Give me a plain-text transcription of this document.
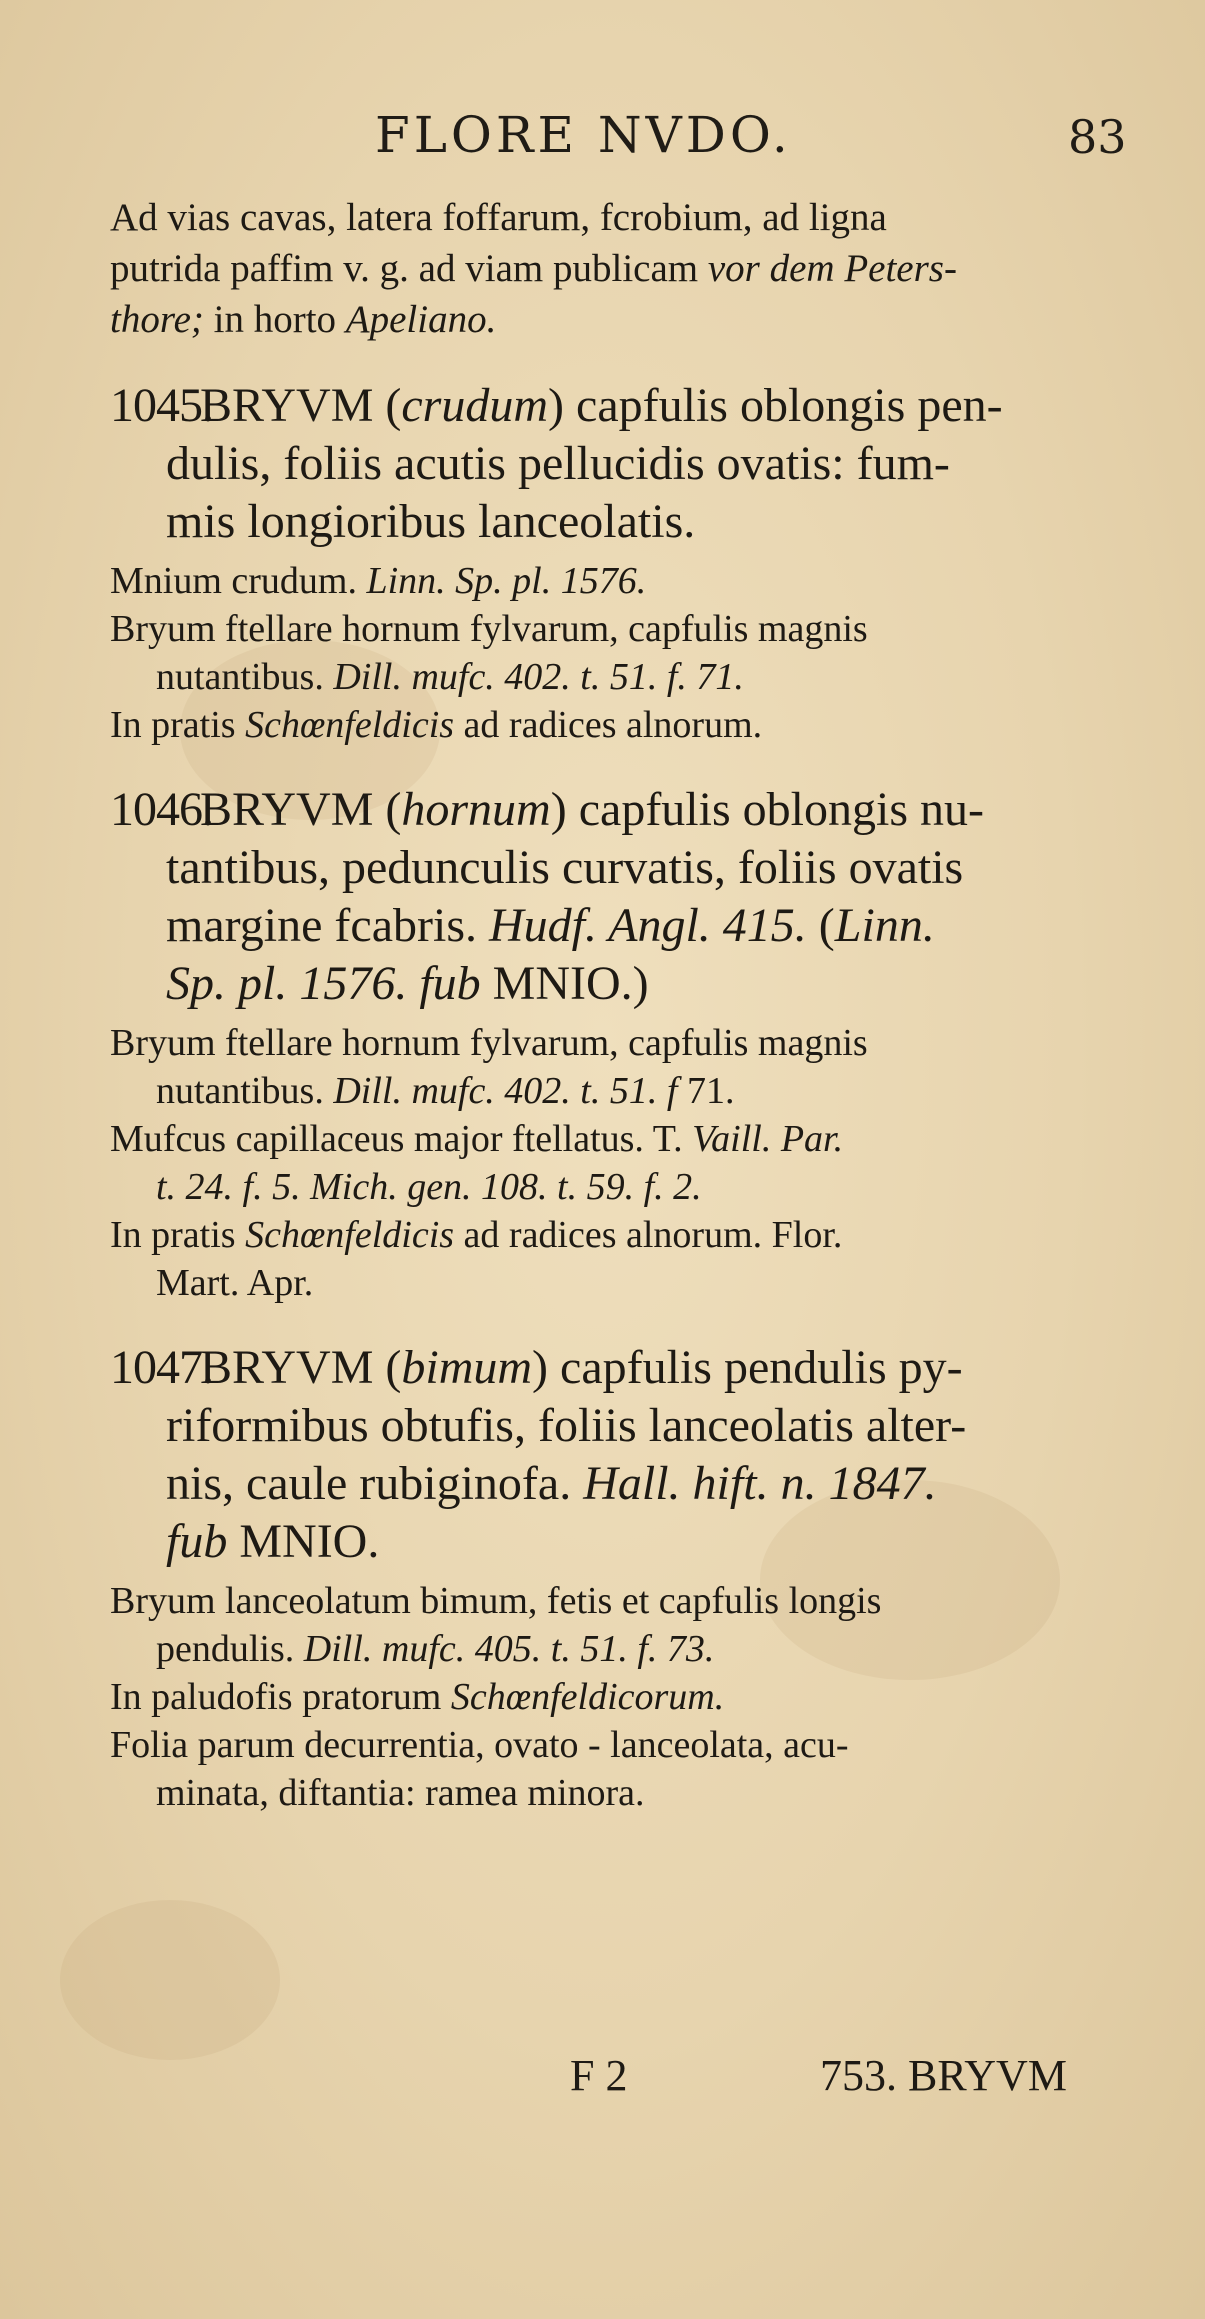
FLORE NVDO.	83
Ad vias cavas, latera foffarum, fcrobium, ad ligna
putrida paffim v. g. ad viam publicam vor dem Peters-
thore; in horto Apeliano.
1045.BRYVM (crudum) capfulis oblongis pen-
dulis, foliis acutis pellucidis ovatis: fum-
mis longioribus lanceolatis.
Mnium crudum. Linn. Sp. pl. 1576.
Bryum ftellare hornum fylvarum, capfulis magnis
nutantibus. Dill. mufc. 402. t. 51. f. 71.
In pratis Schœnfeldicis ad radices alnorum.
1046.BRYVM (hornum) capfulis oblongis nu-
tantibus, pedunculis curvatis, foliis ovatis
margine fcabris. Hudf. Angl. 415. (Linn.
Sp. pl. 1576. fub MNIO.)
Bryum ftellare hornum fylvarum, capfulis magnis
nutantibus. Dill. mufc. 402. t. 51. f 71.
Mufcus capillaceus major ftellatus. T. Vaill. Par.
t. 24. f. 5. Mich. gen. 108. t. 59. f. 2.
In pratis Schœnfeldicis ad radices alnorum. Flor.
Mart. Apr.
1047.BRYVM (bimum) capfulis pendulis py-
riformibus obtufis, foliis lanceolatis alter-
nis, caule rubiginofa. Hall. hift. n. 1847.
fub MNIO.
Bryum lanceolatum bimum, fetis et capfulis longis
pendulis. Dill. mufc. 405. t. 51. f. 73.
In paludofis pratorum Schœnfeldicorum.
Folia parum decurrentia, ovato - lanceolata, acu-
minata, diftantia: ramea minora.
F 2	753. BRYVM
